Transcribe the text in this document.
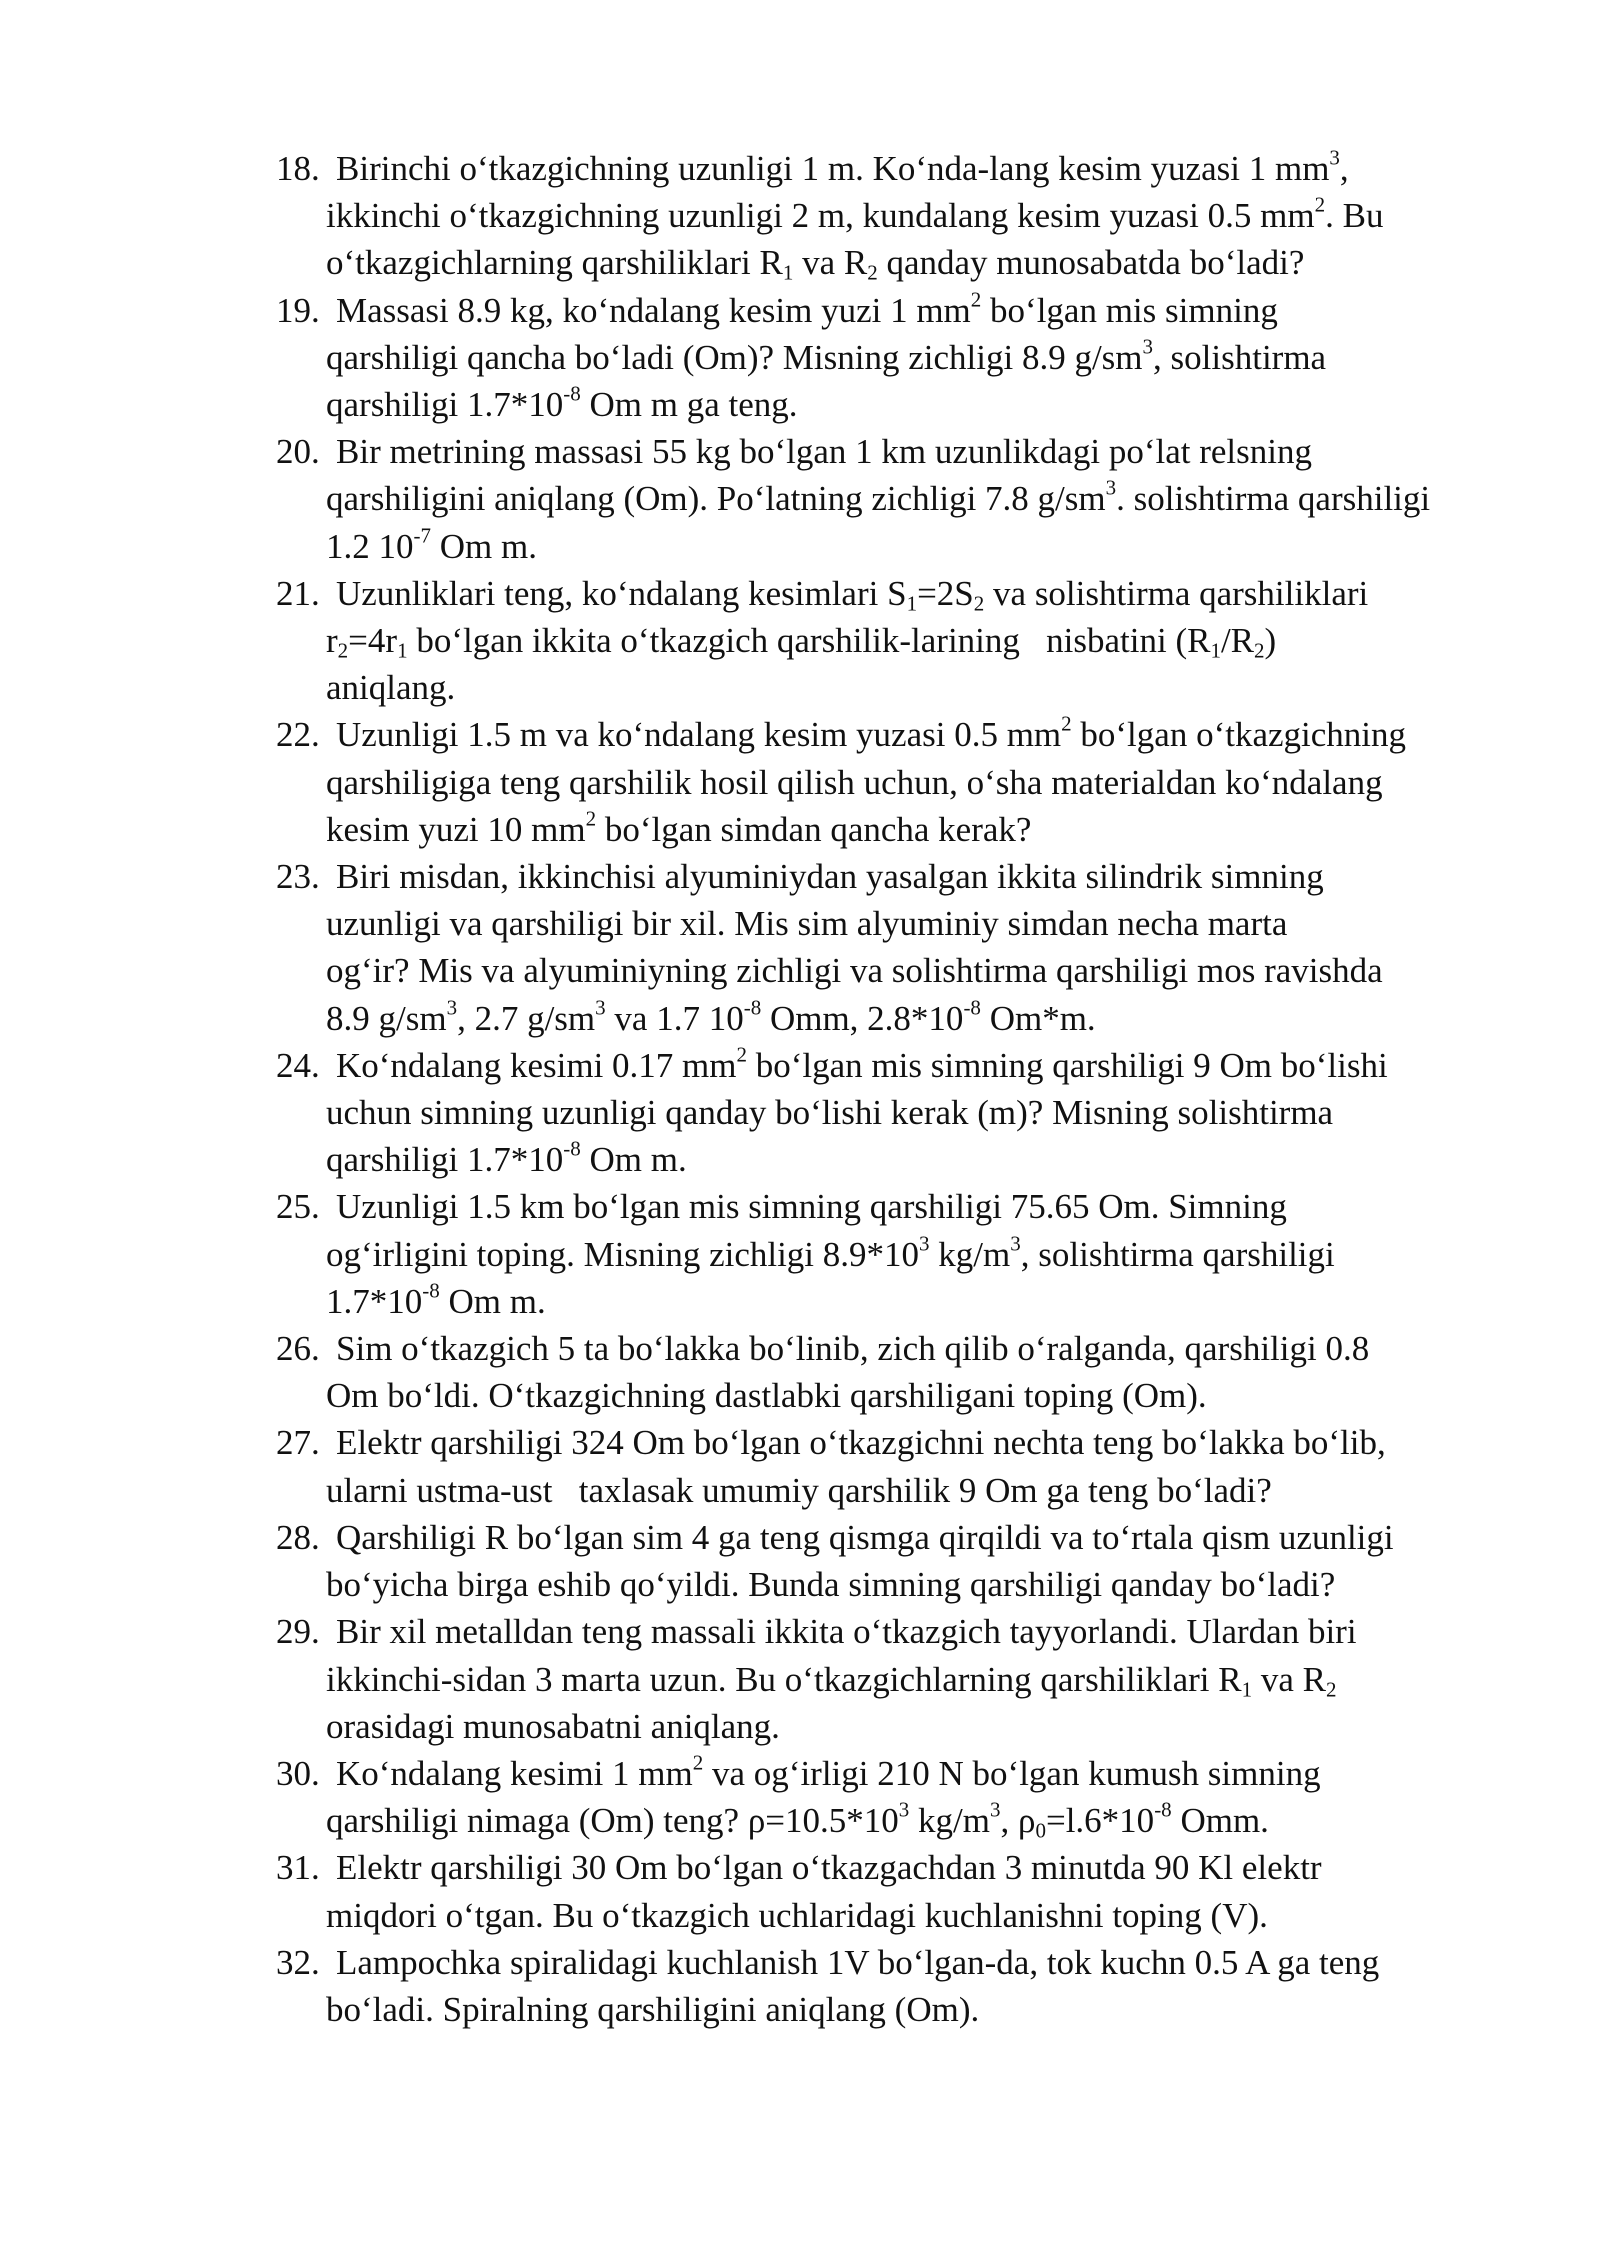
18. Birinchi o‘tkazgichning uzunligi 1 m. Ko‘nda-lang kesim yuzasi 1 $mm^3$,
ikkinchi o‘tkazgichning uzunligi 2 m, kundalang kesim yuzasi 0.5 $mm^2$. Bu
o‘tkazgichlarning qarshiliklari $R_1$ va $R_2$ qanday munosabatda bo‘ladi?
19. Massasi 8.9 kg, ko‘ndalang kesim yuzi 1 $mm^2$ bo‘lgan mis simning
qarshiligi qancha bo‘ladi (Om)? Misning zichligi 8.9 $g/sm^3$, solishtirma
qarshiligi $1.7*10^{-8}$ Om m ga teng.
20. Bir metrining massasi 55 kg bo‘lgan 1 km uzunlikdagi po‘lat relsning
qarshiligini aniqlang (Om). Po‘latning zichligi 7.8 $g/sm^3$. solishtirma qarshiligi
1.2 $10^{-7}$ Om m.
21. Uzunliklari teng, ko‘ndalang kesimlari $S_1=2S_2$ va solishtirma qarshiliklari
$r_2=4r_1$ bo‘lgan ikkita o‘tkazgich qarshilik-larining   nisbatini $(R_1/R_2)$
aniqlang.
22. Uzunligi 1.5 m va ko‘ndalang kesim yuzasi 0.5 $mm^2$ bo‘lgan o‘tkazgichning
qarshiligiga teng qarshilik hosil qilish uchun, o‘sha materialdan ko‘ndalang
kesim yuzi 10 $mm^2$ bo‘lgan simdan qancha kerak?
23. Biri misdan, ikkinchisi alyuminiydan yasalgan ikkita silindrik simning
uzunligi va qarshiligi bir xil. Mis sim alyuminiy simdan necha marta
og‘ir? Mis va alyuminiyning zichligi va solishtirma qarshiligi mos ravishda
8.9 $g/sm^3$, 2.7 $g/sm^3$ va 1.7 $10^{-8}$ Omm, $2.8*10^{-8}$ Om*m.
24. Ko‘ndalang kesimi 0.17 $mm^2$ bo‘lgan mis simning qarshiligi 9 Om bo‘lishi
uchun simning uzunligi qanday bo‘lishi kerak (m)? Misning solishtirma
qarshiligi $1.7*10^{-8}$ Om m.
25. Uzunligi 1.5 km bo‘lgan mis simning qarshiligi 75.65 Om. Simning
og‘irligini toping. Misning zichligi $8.9*10^3$ $kg/m^3$, solishtirma qarshiligi
$1.7*10^{-8}$ Om m.
26. Sim o‘tkazgich 5 ta bo‘lakka bo‘linib, zich qilib o‘ralganda, qarshiligi 0.8
Om bo‘ldi. O‘tkazgichning dastlabki qarshiligani toping (Om).
27. Elektr qarshiligi 324 Om bo‘lgan o‘tkazgichni nechta teng bo‘lakka bo‘lib,
ularni ustma-ust   taxlasak umumiy qarshilik 9 Om ga teng bo‘ladi?
28. Qarshiligi R bo‘lgan sim 4 ga teng qismga qirqildi va to‘rtala qism uzunligi
bo‘yicha birga eshib qo‘yildi. Bunda simning qarshiligi qanday bo‘ladi?
29. Bir xil metalldan teng massali ikkita o‘tkazgich tayyorlandi. Ulardan biri
ikkinchi-sidan 3 marta uzun. Bu o‘tkazgichlarning qarshiliklari $R_1$ va $R_2$
orasidagi munosabatni aniqlang.
30. Ko‘ndalang kesimi 1 $mm^2$ va og‘irligi 210 N bo‘lgan kumush simning
qarshiligi nimaga (Om) teng? $\rho=10.5*10^3$ $kg/m^3$, $\rho_0=l.6*10^{-8}$ Omm.
31. Elektr qarshiligi 30 Om bo‘lgan o‘tkazgachdan 3 minutda 90 Kl elektr
miqdori o‘tgan. Bu o‘tkazgich uchlaridagi kuchlanishni toping (V).
32. Lampochka spiralidagi kuchlanish 1V bo‘lgan-da, tok kuchn 0.5 A ga teng
bo‘ladi. Spiralning qarshiligini aniqlang (Om).
